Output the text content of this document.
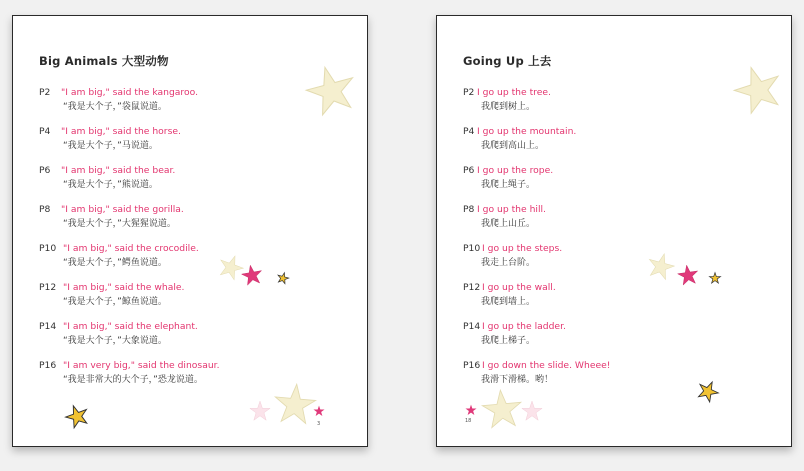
Big Animals 大型动物
P2 "I am big," said the kangaroo.
“我是大个子，”袋鼠说道。
P4 "I am big," said the horse.
“我是大个子，”马说道。
P6 "I am big," said the bear.
“我是大个子，”熊说道。
P8 "I am big," said the gorilla.
“我是大个子，”大猩猩说道。
P10 "I am big," said the crocodile.
“我是大个子，”鳄鱼说道。
P12 "I am big," said the whale.
“我是大个子，”鲸鱼说道。
P14 "I am big," said the elephant.
“我是大个子，”大象说道。
P16 "I am very big," said the dinosaur.
“我是非常大的大个子，”恐龙说道。
3
Going Up 上去
P2 I go up the tree.
我爬到树上。
P4 I go up the mountain.
我爬到高山上。
P6 I go up the rope.
我爬上绳子。
P8 I go up the hill.
我爬上山丘。
P10 I go up the steps.
我走上台阶。
P12 I go up the wall.
我爬到墙上。
P14 I go up the ladder.
我爬上梯子。
P16 I go down the slide. Wheee!
我滑下滑梯。哟！
18
